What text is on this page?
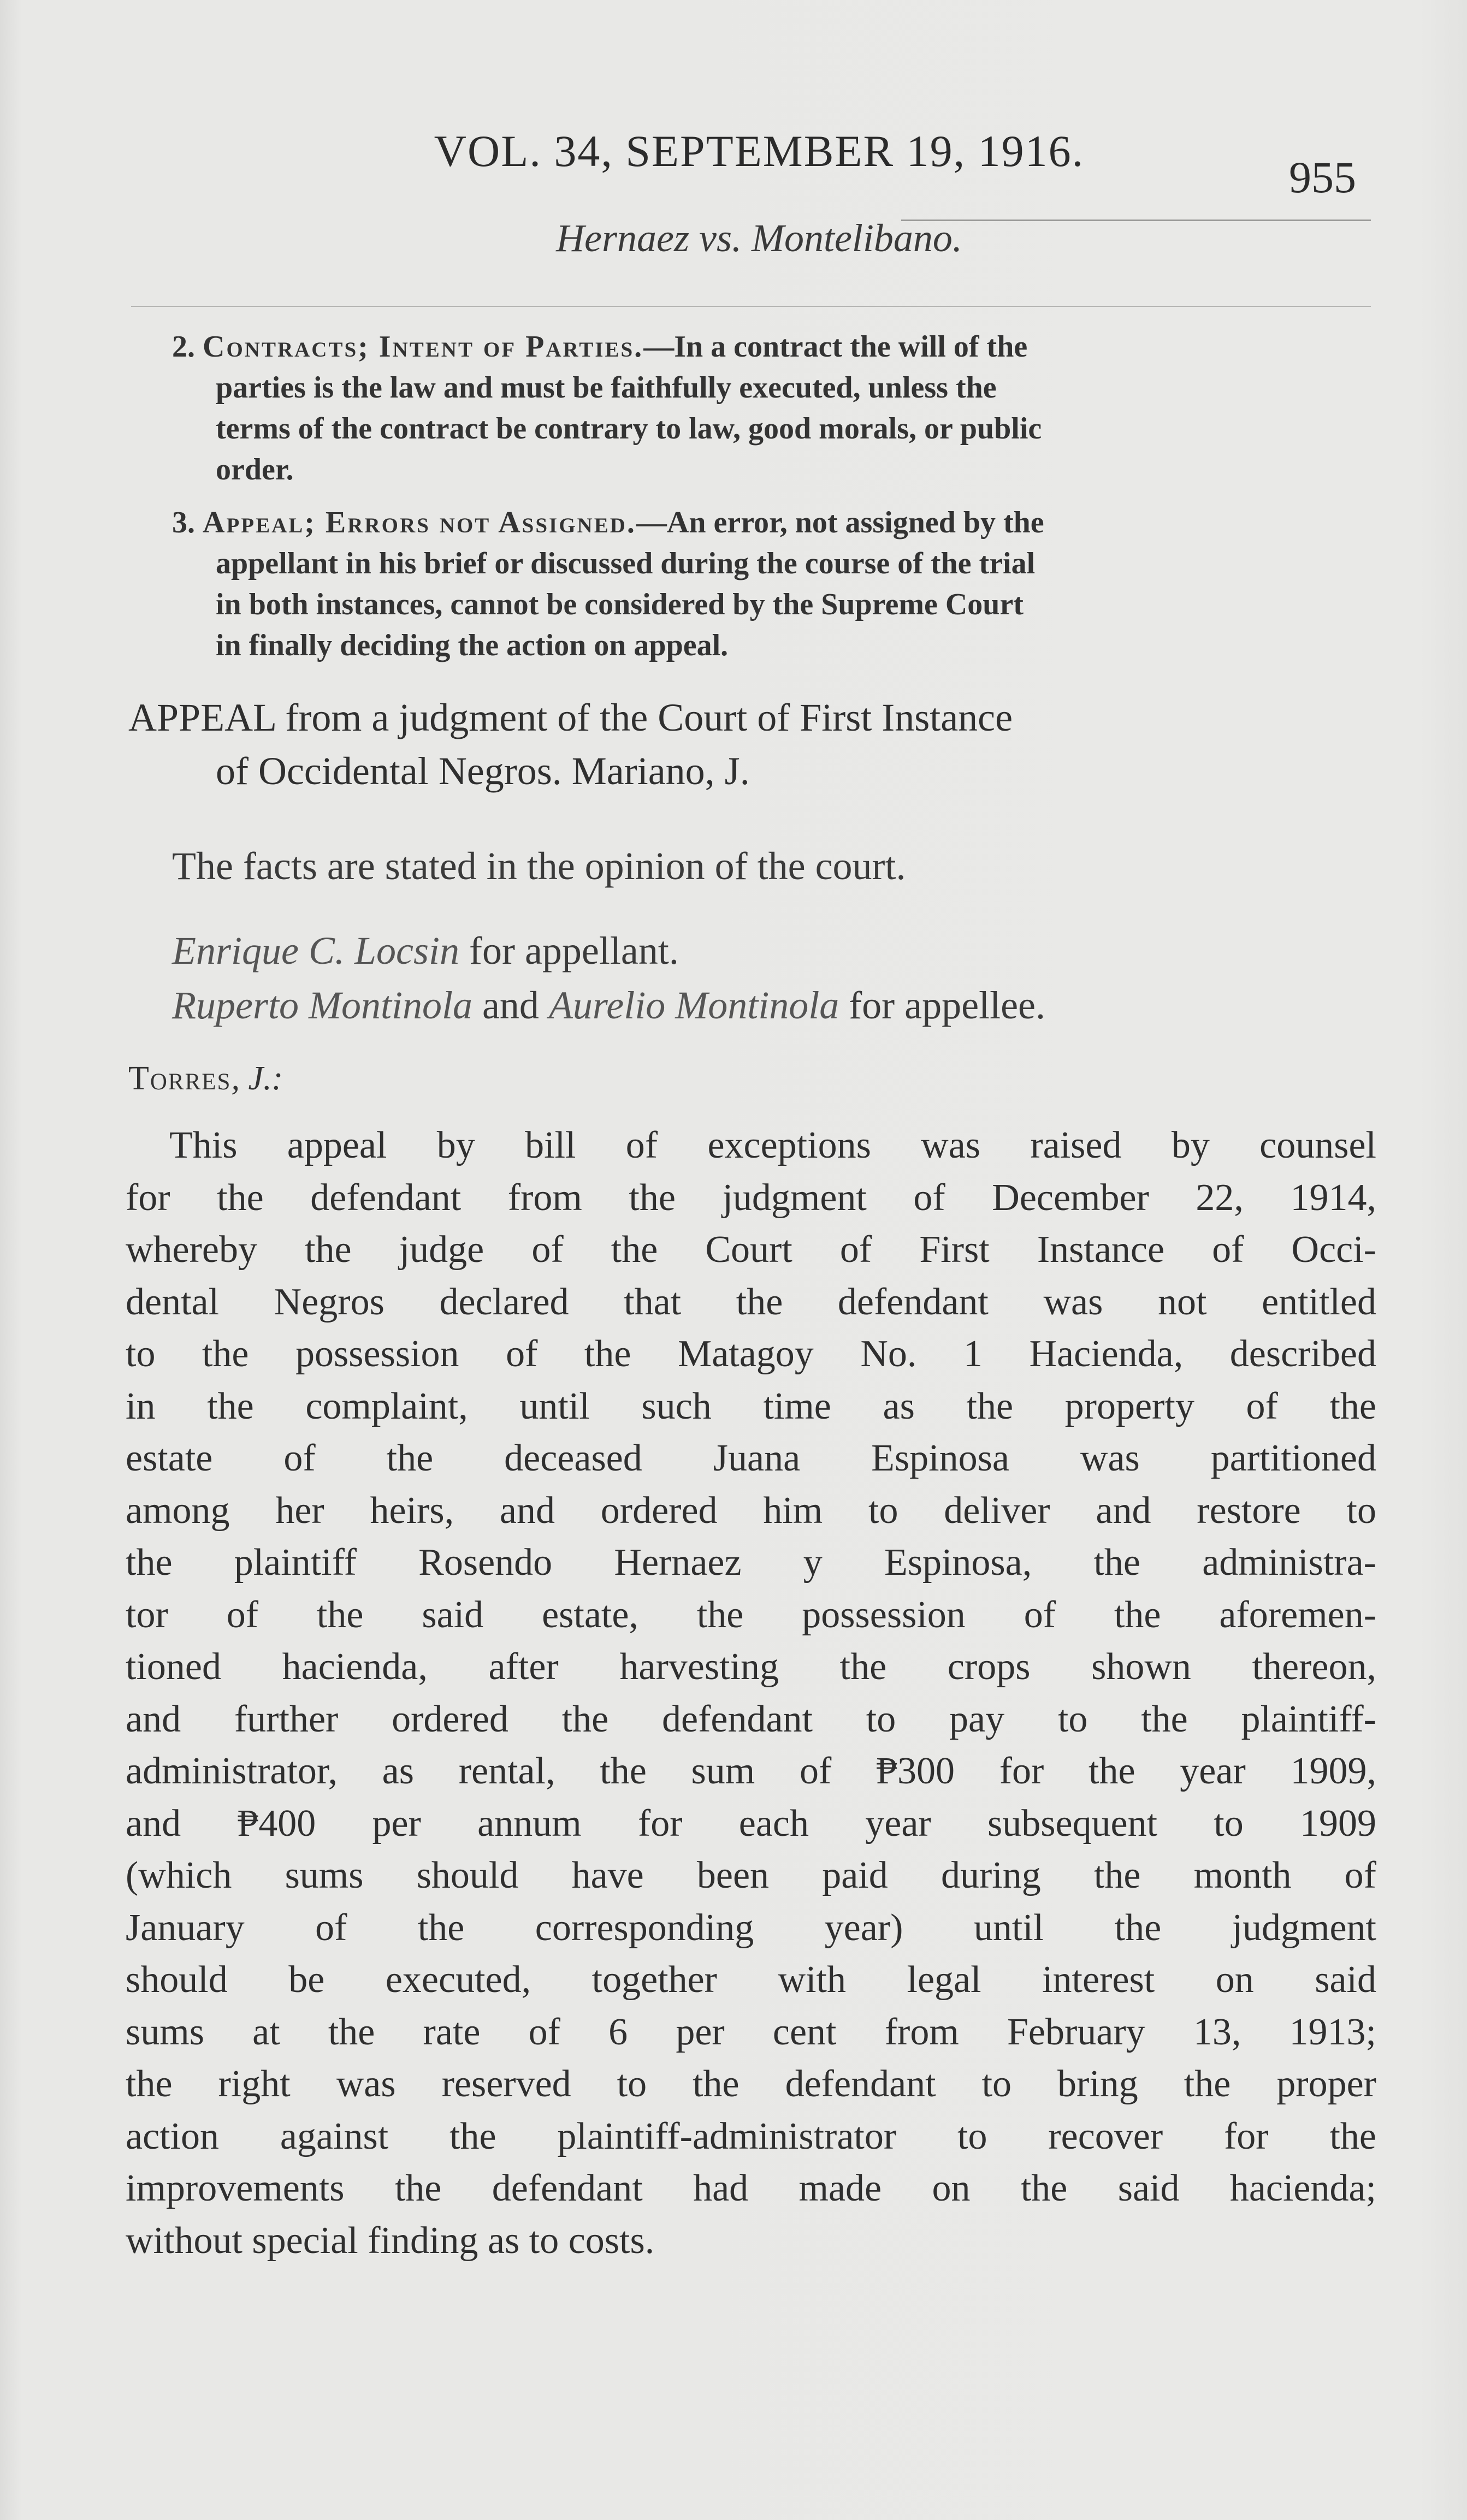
VOL. 34, SEPTEMBER 19, 1916.
955
Hernaez vs. Montelibano.
2. Contracts; Intent of Parties.—In a contract the will of the
parties is the law and must be faithfully executed, unless the
terms of the contract be contrary to law, good morals, or public
order.
3. Appeal; Errors not Assigned.—An error, not assigned by the
appellant in his brief or discussed during the course of the trial
in both instances, cannot be considered by the Supreme Court
in finally deciding the action on appeal.
APPEAL from a judgment of the Court of First Instance
of Occidental Negros. Mariano, J.
The facts are stated in the opinion of the court.
Enrique C. Locsin for appellant.
Ruperto Montinola and Aurelio Montinola for appellee.
Torres, J.:
This appeal by bill of exceptions was raised by counsel
for the defendant from the judgment of December 22, 1914,
whereby the judge of the Court of First Instance of Occi-
dental Negros declared that the defendant was not entitled
to the possession of the Matagoy No. 1 Hacienda, described
in the complaint, until such time as the property of the
estate of the deceased Juana Espinosa was partitioned
among her heirs, and ordered him to deliver and restore to
the plaintiff Rosendo Hernaez y Espinosa, the administra-
tor of the said estate, the possession of the aforemen-
tioned hacienda, after harvesting the crops shown thereon,
and further ordered the defendant to pay to the plaintiff-
administrator, as rental, the sum of ₱300 for the year 1909,
and ₱400 per annum for each year subsequent to 1909
(which sums should have been paid during the month of
January of the corresponding year) until the judgment
should be executed, together with legal interest on said
sums at the rate of 6 per cent from February 13, 1913;
the right was reserved to the defendant to bring the proper
action against the plaintiff-administrator to recover for the
improvements the defendant had made on the said hacienda;
without special finding as to costs.
